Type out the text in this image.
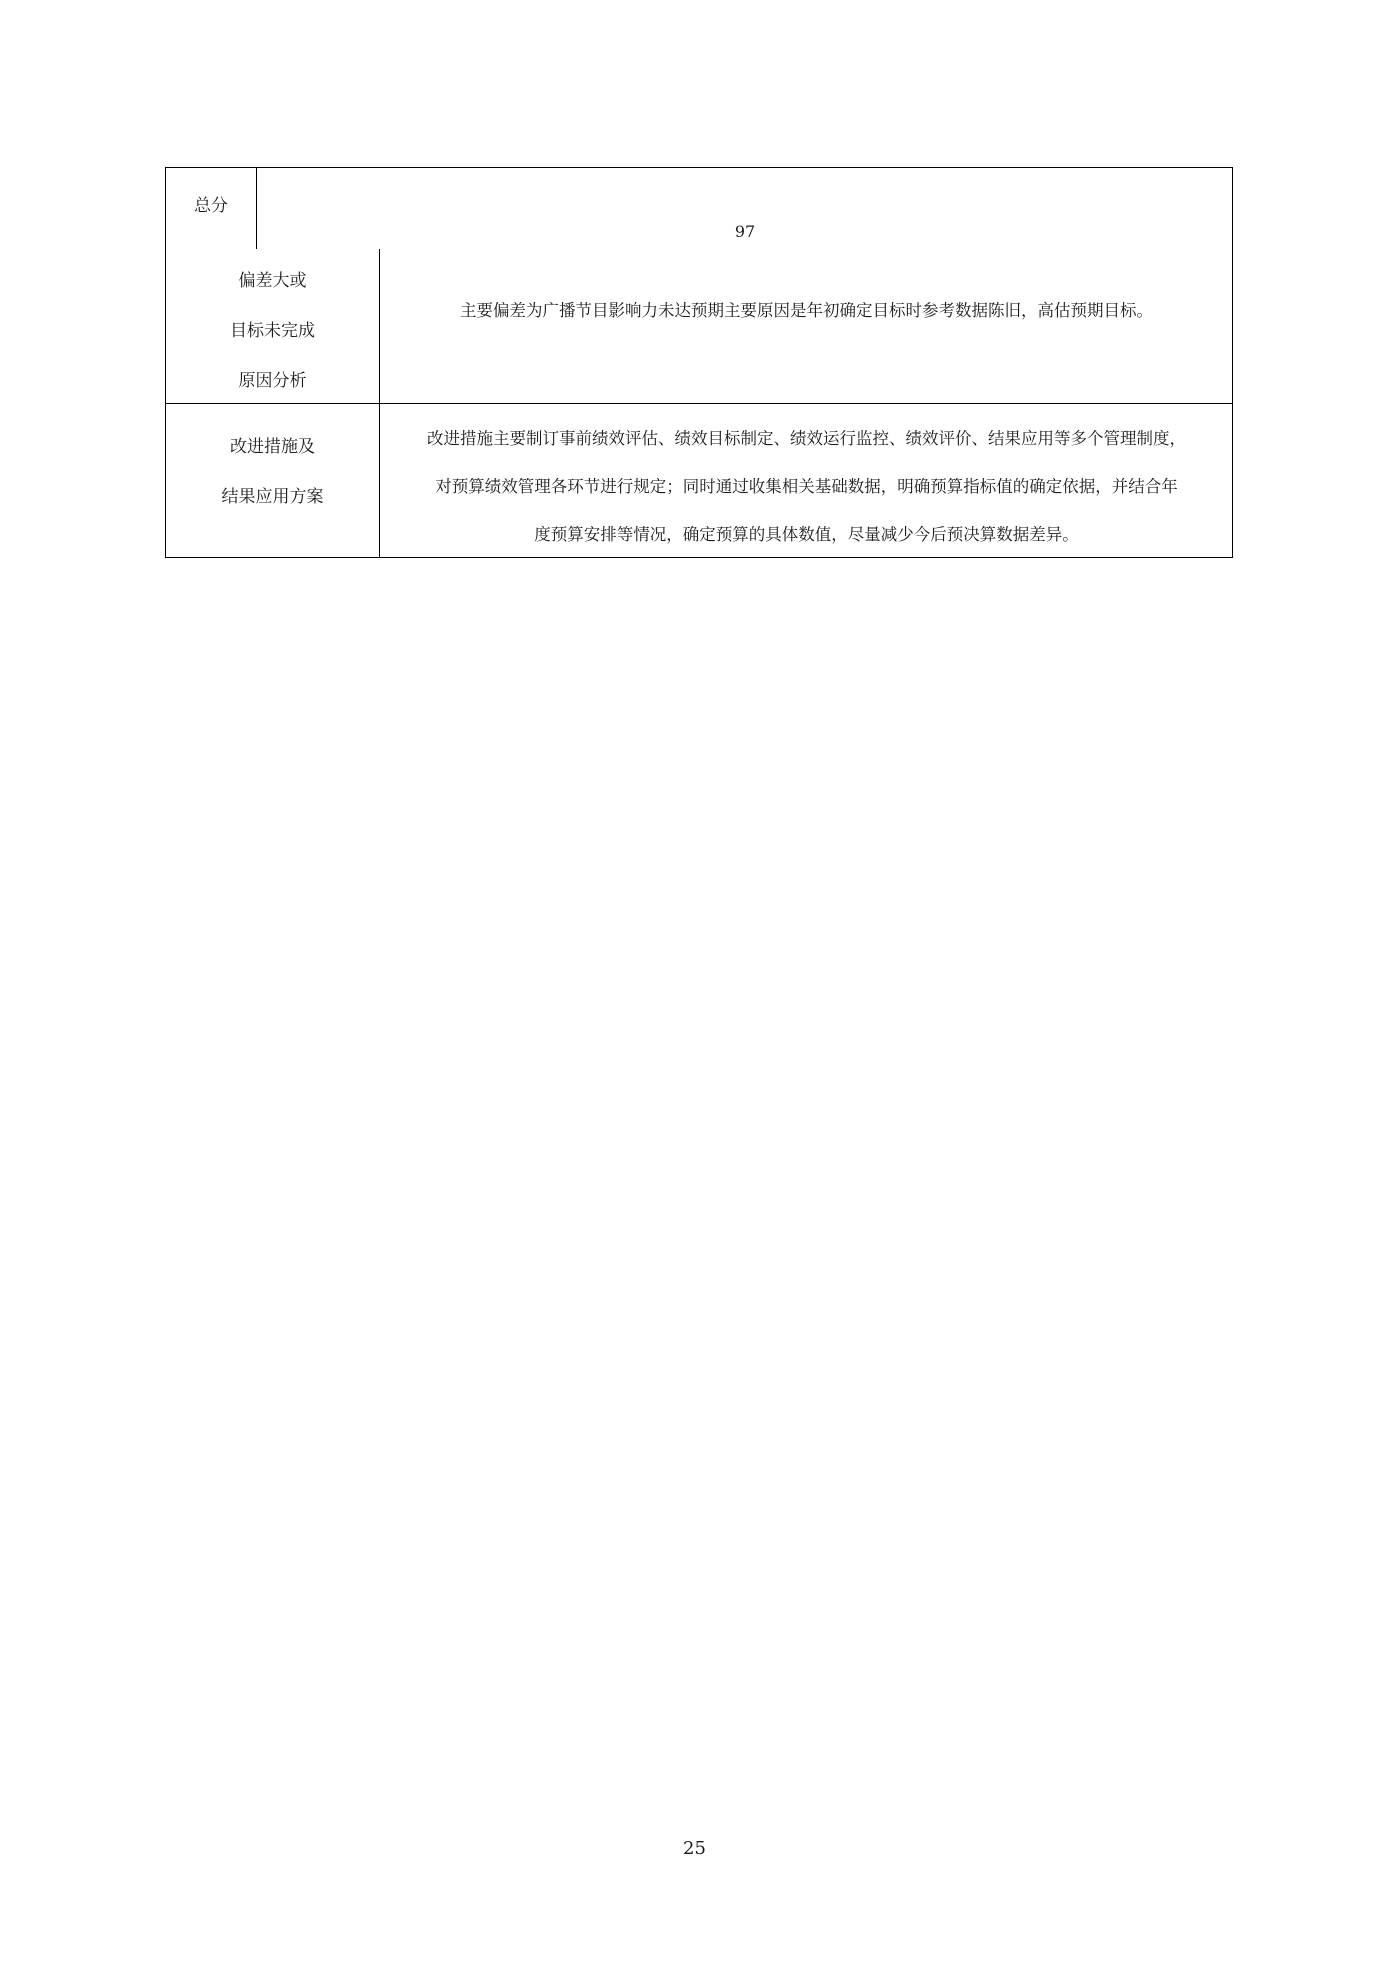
总分
97
偏差大或
目标未完成
原因分析
主要偏差为广播节目影响力未达预期主要原因是年初确定目标时参考数据陈旧，高估预期目标。
改进措施及
结果应用方案
改进措施主要制订事前绩效评估、绩效目标制定、绩效运行监控、绩效评价、结果应用等多个管理制度，
对预算绩效管理各环节进行规定；同时通过收集相关基础数据，明确预算指标值的确定依据，并结合年
度预算安排等情况，确定预算的具体数值，尽量减少今后预决算数据差异。
25
